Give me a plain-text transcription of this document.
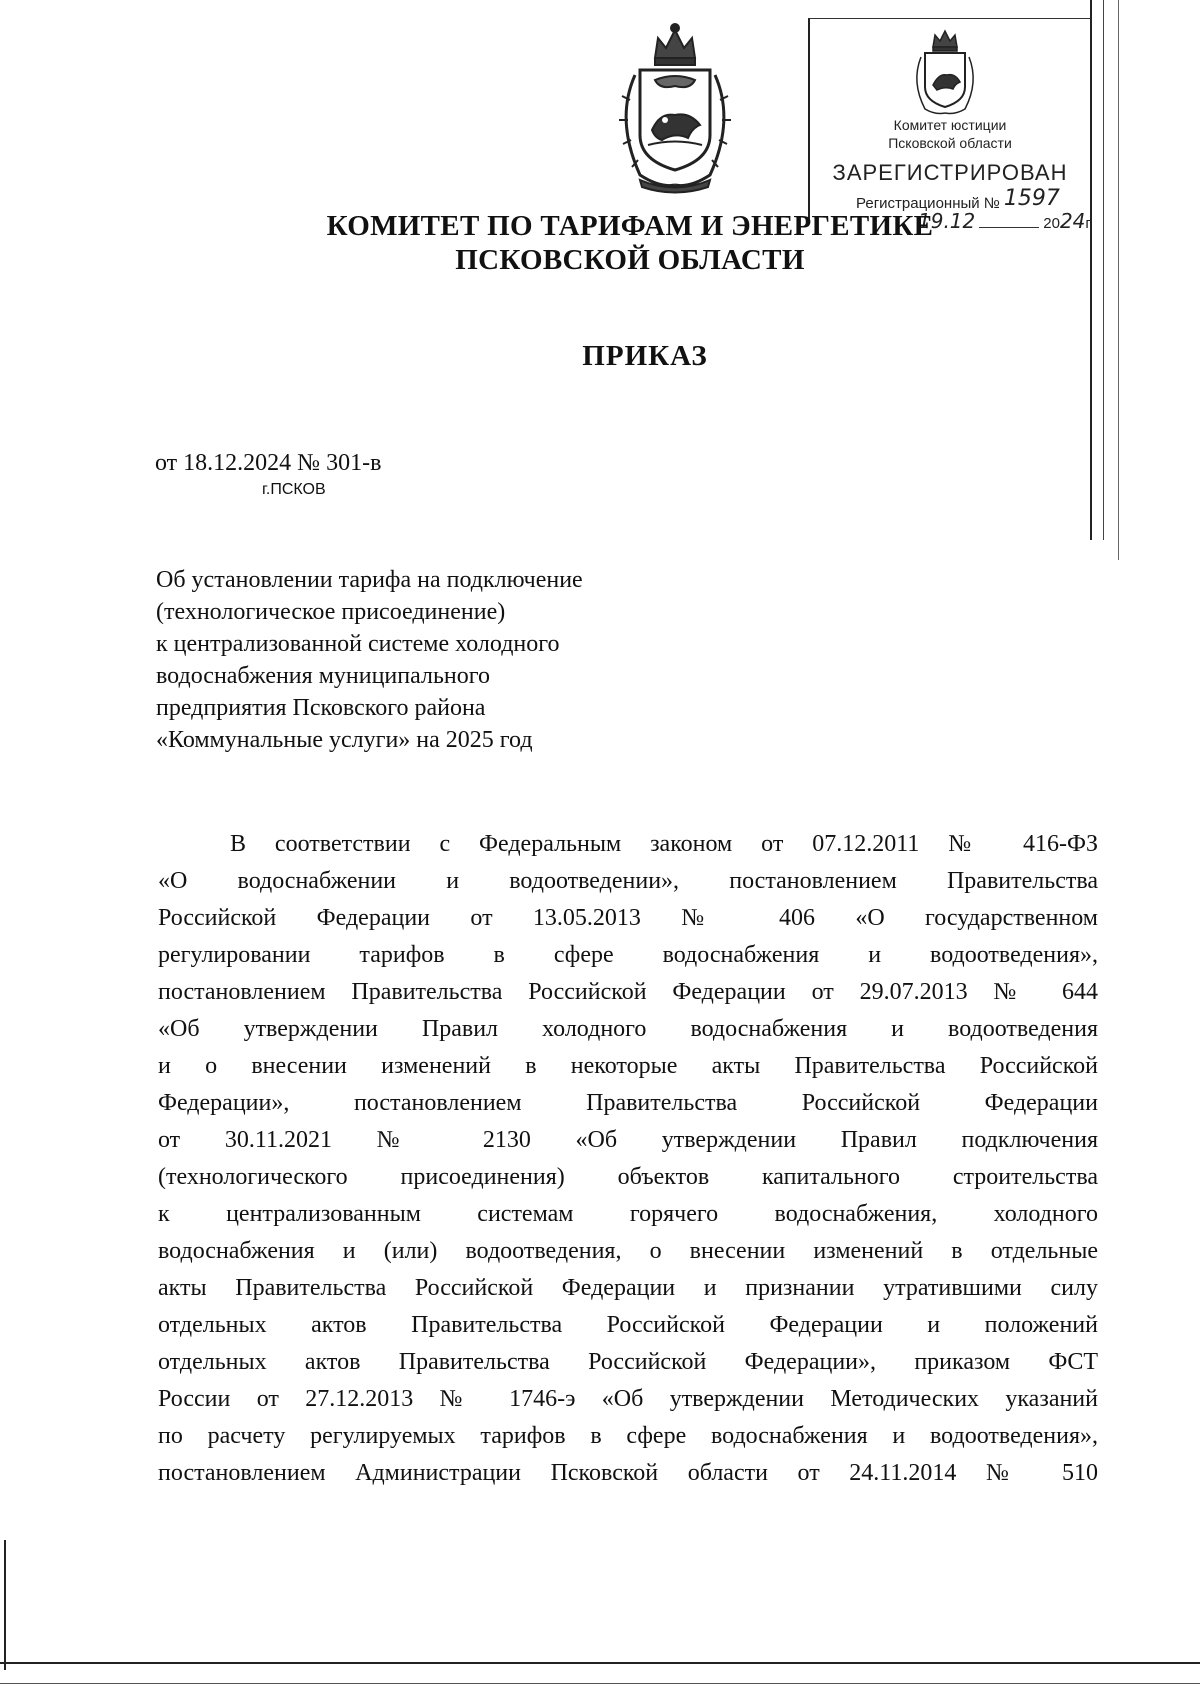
Комитет юстиции
Псковской области
ЗАРЕГИСТРИРОВАН
Регистрационный № 1597
19.12	2024г.
КОМИТЕТ ПО ТАРИФАМ И ЭНЕРГЕТИКЕ
ПСКОВСКОЙ ОБЛАСТИ
ПРИКАЗ
от 18.12.2024 № 301-в
г.ПСКОВ
Об установлении тарифа на подключение
(технологическое присоединение)
к централизованной системе холодного
водоснабжения муниципального
предприятия Псковского района
«Коммунальные услуги» на 2025 год
В соответствии с Федеральным законом от 07.12.2011 № 416-ФЗ
«О водоснабжении и водоотведении», постановлением Правительства
Российской Федерации от 13.05.2013 № 406 «О государственном
регулировании тарифов в сфере водоснабжения и водоотведения»,
постановлением Правительства Российской Федерации от 29.07.2013 № 644
«Об утверждении Правил холодного водоснабжения и водоотведения
и о внесении изменений в некоторые акты Правительства Российской
Федерации», постановлением Правительства Российской Федерации
от 30.11.2021 № 2130 «Об утверждении Правил подключения
(технологического присоединения) объектов капитального строительства
к централизованным системам горячего водоснабжения, холодного
водоснабжения и (или) водоотведения, о внесении изменений в отдельные
акты Правительства Российской Федерации и признании утратившими силу
отдельных актов Правительства Российской Федерации и положений
отдельных актов Правительства Российской Федерации», приказом ФСТ
России от 27.12.2013 № 1746-э «Об утверждении Методических указаний
по расчету регулируемых тарифов в сфере водоснабжения и водоотведения»,
постановлением Администрации Псковской области от 24.11.2014 № 510
